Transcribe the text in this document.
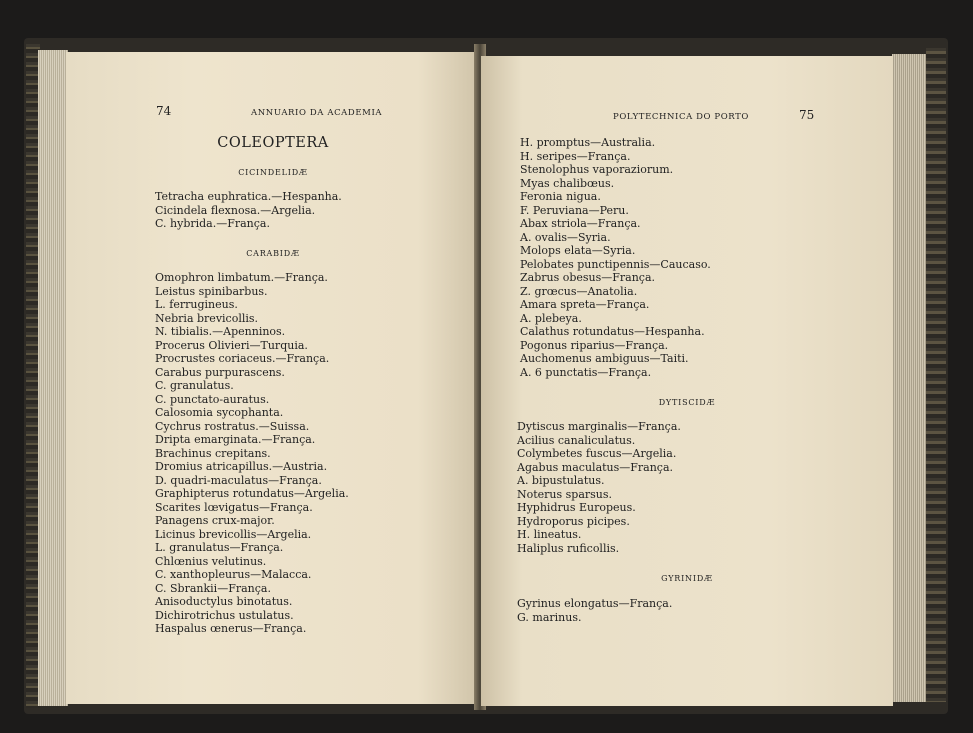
74	ANNUARIO DA ACADEMIA
COLEOPTERA
CICINDELIDÆ
Tetracha euphratica.—Hespanha.
Cicindela flexnosa.—Argelia.
C. hybrida.—França.
CARABIDÆ
Omophron limbatum.—França.
Leistus spinibarbus.
L. ferrugineus.
Nebria brevicollis.
N. tibialis.—Apenninos.
Procerus Olivieri—Turquia.
Procrustes coriaceus.—França.
Carabus purpurascens.
C. granulatus.
C. punctato-auratus.
Calosomia sycophanta.
Cychrus rostratus.—Suissa.
Dripta emarginata.—França.
Brachinus crepitans.
Dromius atricapillus.—Austria.
D. quadri-maculatus—França.
Graphipterus rotundatus—Argelia.
Scarites lœvigatus—França.
Panagens crux-major.
Licinus brevicollis—Argelia.
L. granulatus—França.
Chlœnius velutinus.
C. xanthopleurus—Malacca.
C. Sbrankii—França.
Anisoductylus binotatus.
Dichirotrichus ustulatus.
Haspalus œnerus—França.
POLYTECHNICA DO PORTO	75
H. promptus—Australia.
H. seripes—França.
Stenolophus vaporaziorum.
Myas chalibœus.
Feronia nigua.
F. Peruviana—Peru.
Abax striola—França.
A. ovalis—Syria.
Molops elata—Syria.
Pelobates punctipennis—Caucaso.
Zabrus obesus—França.
Z. grœcus—Anatolia.
Amara spreta—França.
A. plebeya.
Calathus rotundatus—Hespanha.
Pogonus riparius—França.
Auchomenus ambiguus—Taiti.
A. 6 punctatis—França.
DYTISCIDÆ
Dytiscus marginalis—França.
Acilius canaliculatus.
Colymbetes fuscus—Argelia.
Agabus maculatus—França.
A. bipustulatus.
Noterus sparsus.
Hyphidrus Europeus.
Hydroporus picipes.
H. lineatus.
Haliplus ruficollis.
GYRINIDÆ
Gyrinus elongatus—França.
G. marinus.
